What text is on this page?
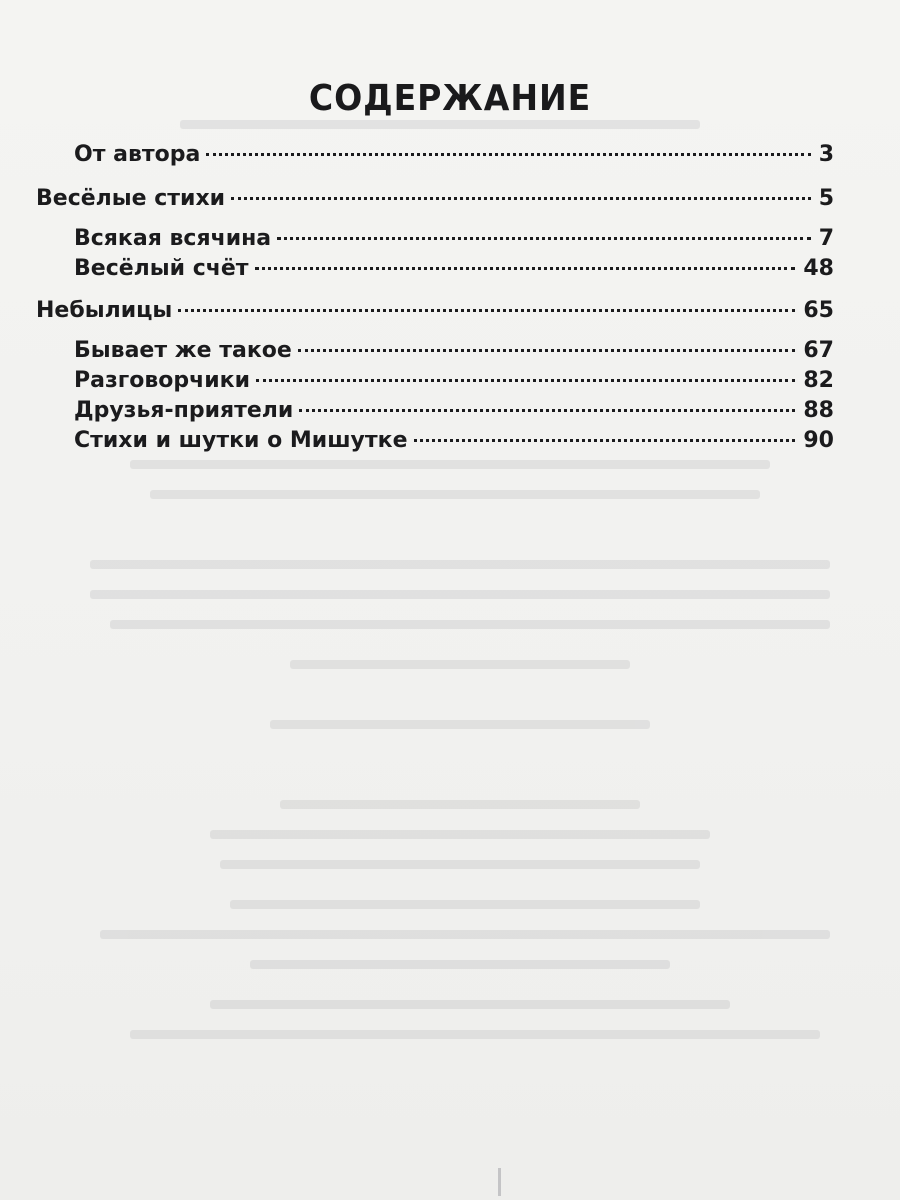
СОДЕРЖАНИЕ
От автора	3
Весёлые стихи	5
Всякая всячина	7
Весёлый счёт	48
Небылицы	65
Бывает же такое	67
Разговорчики	82
Друзья-приятели	88
Стихи и шутки о Мишутке	90
